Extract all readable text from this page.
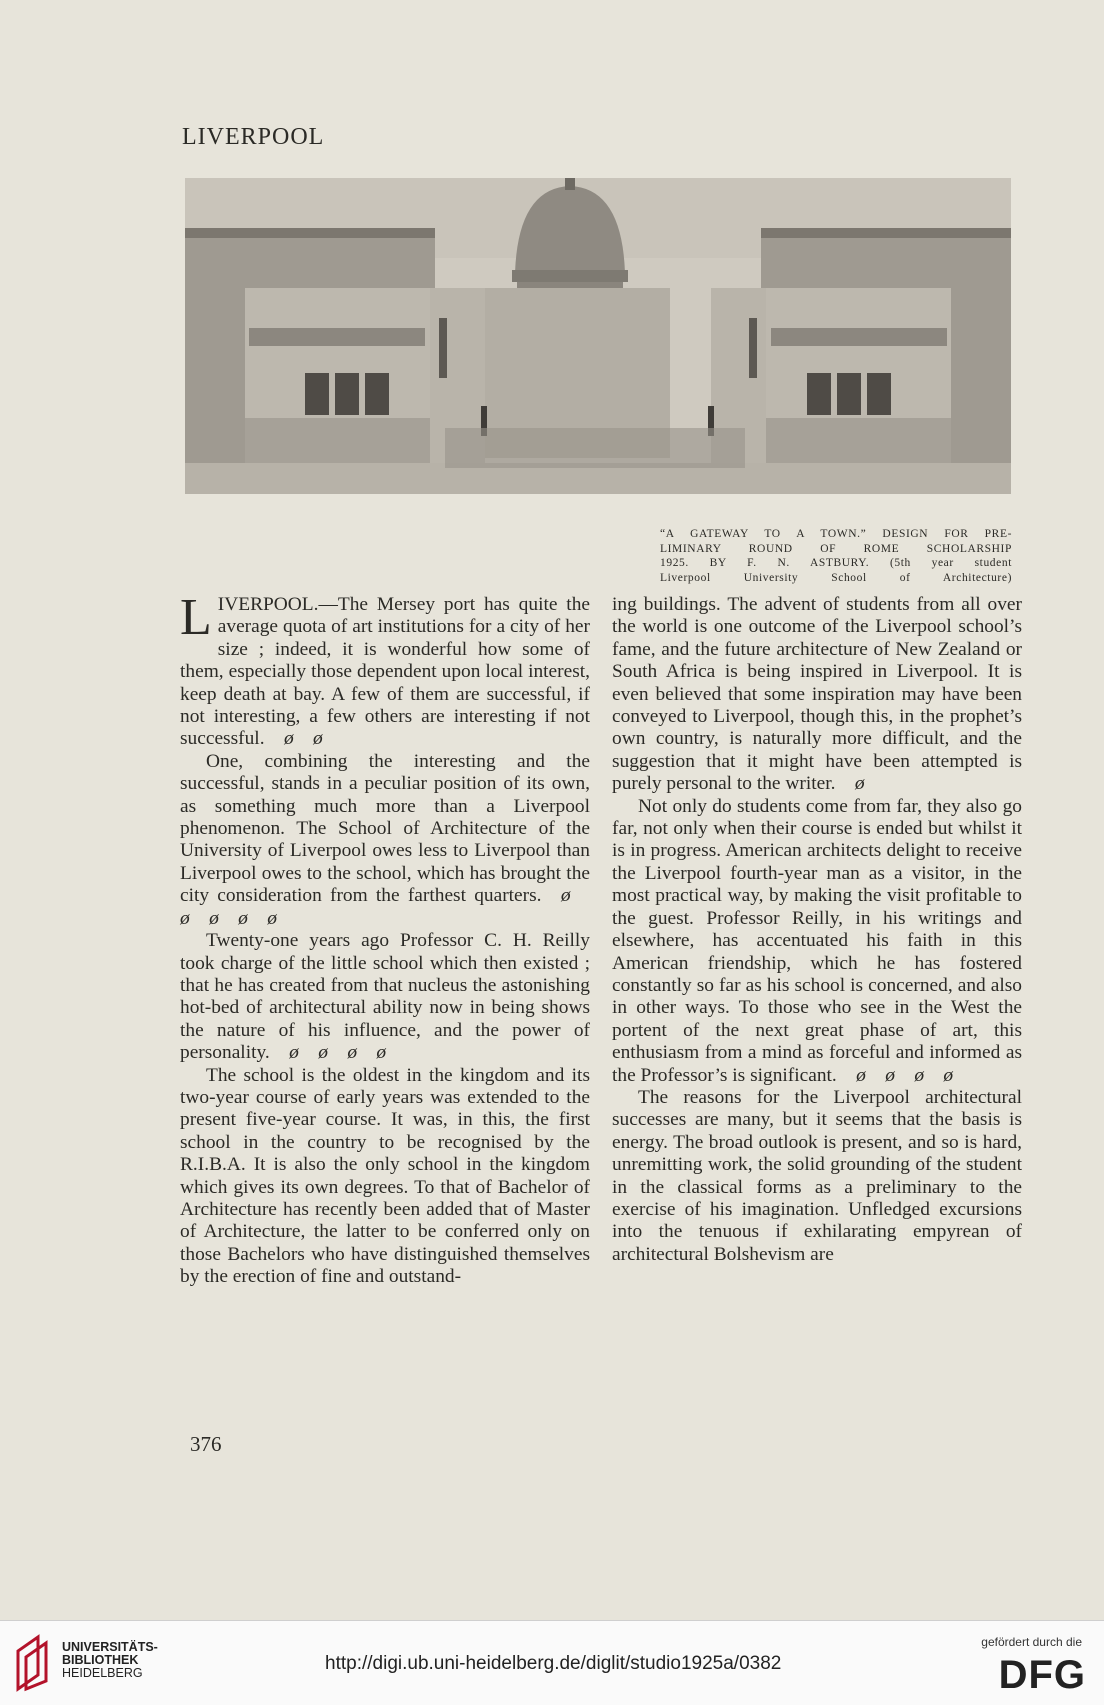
LIVERPOOL
“A GATEWAY TO A TOWN.” DESIGN FOR PRE-
LIMINARY ROUND OF ROME SCHOLARSHIP
1925. BY F. N. ASTBURY. (5th year student
Liverpool University School of Architecture)

LIVERPOOL.—The Mersey port has quite the average quota of art institutions for a city of her size ; indeed, it is wonderful how some of them, especially those dependent upon local interest, keep death at bay. A few of them are successful, if not interesting, a few others are interesting if not successful.  ø  ø

One, combining the interesting and the successful, stands in a peculiar position of its own, as something much more than a Liverpool phenomenon. The School of Architecture of the University of Liverpool owes less to Liverpool than Liverpool owes to the school, which has brought the city consideration from the farthest quarters.  ø  ø  ø  ø  ø

Twenty-one years ago Professor C. H. Reilly took charge of the little school which then existed ; that he has created from that nucleus the astonishing hot-bed of architectural ability now in being shows the nature of his influence, and the power of personality.  ø  ø  ø  ø

The school is the oldest in the kingdom and its two-year course of early years was extended to the present five-year course. It was, in this, the first school in the country to be recognised by the R.I.B.A. It is also the only school in the kingdom which gives its own degrees. To that of Bachelor of Architecture has recently been added that of Master of Architecture, the latter to be conferred only on those Bachelors who have distinguished themselves by the erection of fine and outstand-

ing buildings. The advent of students from all over the world is one outcome of the Liverpool school’s fame, and the future architecture of New Zealand or South Africa is being inspired in Liverpool. It is even believed that some inspiration may have been conveyed to Liverpool, though this, in the prophet’s own country, is naturally more difficult, and the suggestion that it might have been attempted is purely personal to the writer.  ø

Not only do students come from far, they also go far, not only when their course is ended but whilst it is in progress. American architects delight to receive the Liverpool fourth-year man as a visitor, in the most practical way, by making the visit profitable to the guest. Professor Reilly, in his writings and elsewhere, has accentuated his faith in this American friendship, which he has fostered constantly so far as his school is concerned, and also in other ways. To those who see in the West the portent of the next great phase of art, this enthusiasm from a mind as forceful and informed as the Professor’s is significant.  ø  ø  ø  ø

The reasons for the Liverpool architectural successes are many, but it seems that the basis is energy. The broad outlook is present, and so is hard, unremitting work, the solid grounding of the student in the classical forms as a preliminary to the exercise of his imagination. Unfledged excursions into the tenuous if exhilarating empyrean of architectural Bolshevism are

376
UNIVERSITÄTS-
BIBLIOTHEK
HEIDELBERG	http://digi.ub.uni-heidelberg.de/diglit/studio1925a/0382
gefördert durch die
DFG
